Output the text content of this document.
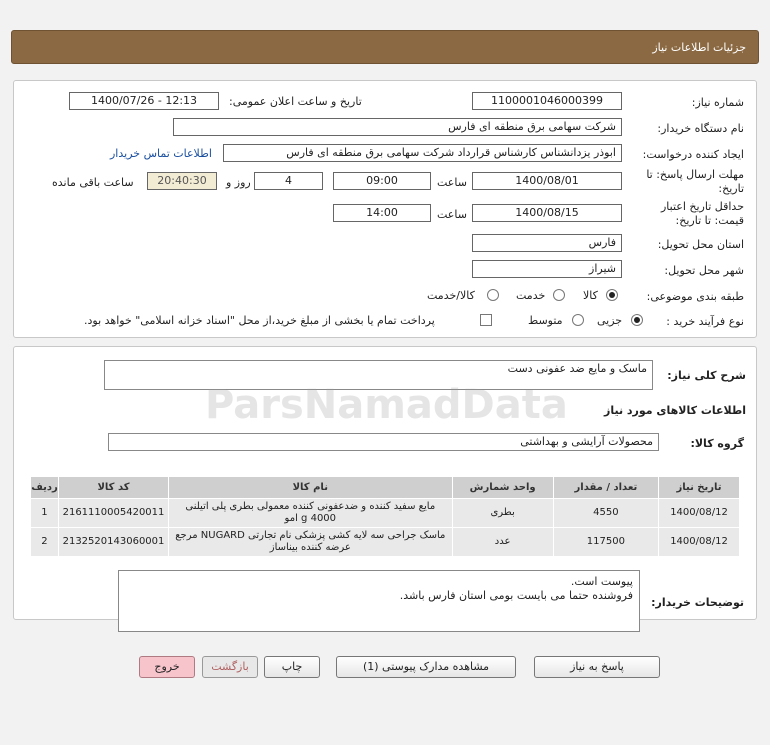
جزئیات اطلاعات نیاز
شماره نیاز:
1100001046000399
تاریخ و ساعت اعلان عمومی:
1400/07/26 - 12:13
نام دستگاه خریدار:
شرکت سهامی برق منطقه ای فارس
ایجاد کننده درخواست:
ابوذر یزدانشناس کارشناس قرارداد شرکت سهامی برق منطقه ای فارس
اطلاعات تماس خریدار
مهلت ارسال پاسخ: تا
تاریخ:
1400/08/01
ساعت
09:00
4
روز و
20:40:30
ساعت باقی مانده
حداقل تاریخ اعتبار
قیمت: تا تاریخ:
1400/08/15
ساعت
14:00
استان محل تحویل:
فارس
شهر محل تحویل:
شیراز
طبقه بندی موضوعی:
کالا
خدمت
کالا/خدمت
نوع فرآیند خرید :
جزیی
متوسط
پرداخت تمام یا بخشی از مبلغ خرید،از محل "اسناد خزانه اسلامی" خواهد بود.
شرح کلی نیاز:
ماسک و مایع ضد عفونی دست
اطلاعات کالاهای مورد نیاز
گروه کالا:
محصولات آرایشی و بهداشتی
تاریخ نیاز	تعداد / مقدار	واحد شمارش	نام کالا	کد کالا	ردیف
1400/08/12	4550	بطری	مایع سفید کننده و ضدعفونی کننده معمولی بطری پلی اتیلنی 4000 g امو	2161110005420011	1
1400/08/12	117500	عدد	ماسک جراحی سه لایه کشی پزشکی نام تجارتی NUGARD مرجع عرضه کننده بیناساز	2132520143060001	2
توضیحات خریدار:
پیوست است.
فروشنده حتما می بایست بومی استان فارس باشد.
ParsNamadData
پاسخ به نیاز
مشاهده مدارک پیوستی (1)
چاپ
بازگشت
خروج
